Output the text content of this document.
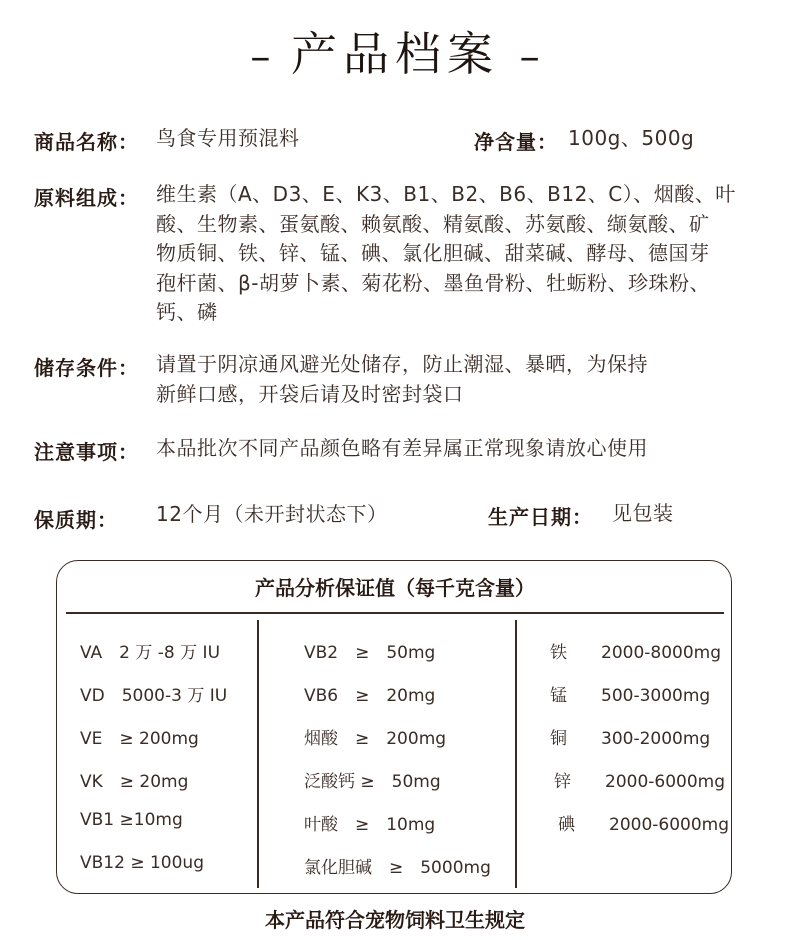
– 产品档案 –
商品名称： 鸟食专用预混料	净含量： 100g、500g
原料组成： 维生素（A、D3、E、K3、B1、B2、B6、B12、C）、烟酸、叶
酸、生物素、蛋氨酸、赖氨酸、精氨酸、苏氨酸、缬氨酸、矿
物质铜、铁、锌、锰、碘、氯化胆碱、甜菜碱、酵母、德国芽
孢杆菌、β-胡萝卜素、菊花粉、墨鱼骨粉、牡蛎粉、珍珠粉、
钙、磷
储存条件： 请置于阴凉通风避光处储存，防止潮湿、暴晒，为保持
新鲜口感，开袋后请及时密封袋口
注意事项： 本品批次不同产品颜色略有差异属正常现象请放心使用
保质期： 12个月（未开封状态下）	生产日期： 见包装
产品分析保证值（每千克含量）
VA　2 万 -8 万 IU
VD　5000-3 万 IU
VE　≥ 200mg
VK　≥ 20mg
VB1 ≥10mg
VB12 ≥ 100ug
VB2　≥　50mg
VB6　≥　20mg
烟酸　≥　200mg
泛酸钙 ≥　50mg
叶酸　≥　10mg
氯化胆碱　≥　5000mg
铁　　2000-8000mg
锰　　500-3000mg
铜　　300-2000mg
锌　　2000-6000mg
碘　　2000-6000mg
本产品符合宠物饲料卫生规定
